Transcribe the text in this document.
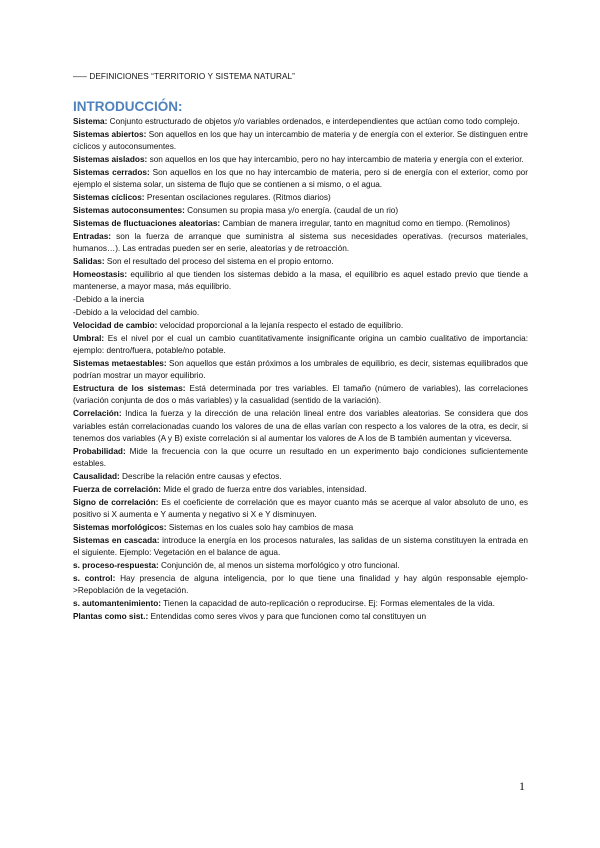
––– DEFINICIONES “TERRITORIO Y SISTEMA NATURAL”
INTRODUCCIÓN:

Sistema: Conjunto estructurado de objetos y/o variables ordenados, e interdependientes que actúan como todo complejo.

Sistemas abiertos: Son aquellos en los que hay un intercambio de materia y de energía con el exterior. Se distinguen entre cíclicos y autoconsumentes.

Sistemas aislados: son aquellos en los que hay intercambio, pero no hay intercambio de materia y energía con el exterior.

Sistemas cerrados: Son aquellos en los que no hay intercambio de materia, pero si de energía con el exterior, como por ejemplo el sistema solar, un sistema de flujo que se contienen a si mismo, o el agua.

Sistemas cíclicos: Presentan oscilaciones regulares. (Ritmos diarios)

Sistemas autoconsumentes: Consumen su propia masa y/o energía. (caudal de un rio)

Sistemas de fluctuaciones aleatorias: Cambian de manera irregular, tanto en magnitud como en tiempo. (Remolinos)

Entradas: son la fuerza de arranque que suministra al sistema sus necesidades operativas. (recursos materiales, humanos…). Las entradas pueden ser en serie, aleatorias y de retroacción.

Salidas: Son el resultado del proceso del sistema en el propio entorno.

Homeostasis: equilibrio al que tienden los sistemas debido a la masa, el equilibrio es aquel estado previo que tiende a mantenerse, a mayor masa, más equilibrio.

-Debido a la inercia

-Debido a la velocidad del cambio.

Velocidad de cambio: velocidad proporcional a la lejanía respecto el estado de equilibrio.

Umbral: Es el nivel por el cual un cambio cuantitativamente insignificante origina un cambio cualitativo de importancia: ejemplo: dentro/fuera, potable/no potable.

Sistemas metaestables: Son aquellos que están próximos a los umbrales de equilibrio, es decir, sistemas equilibrados que podrían mostrar un mayor equilibrio.

Estructura de los sistemas: Está determinada por tres variables. El tamaño (número de variables), las correlaciones (variación conjunta de dos o más variables) y la casualidad (sentido de la variación).

Correlación: Indica la fuerza y la dirección de una relación lineal entre dos variables aleatorias. Se considera que dos variables están correlacionadas cuando los valores de una de ellas varían con respecto a los valores de la otra, es decir, si tenemos dos variables (A y B) existe correlación si al aumentar los valores de A los de B también aumentan y viceversa.

Probabilidad: Mide la frecuencia con la que ocurre un resultado en un experimento bajo condiciones suficientemente estables.

Causalidad: Describe la relación entre causas y efectos.

Fuerza de correlación: Mide el grado de fuerza entre dos variables, intensidad.

Signo de correlación: Es el coeficiente de correlación que es mayor cuanto más se acerque al valor absoluto de uno, es positivo si X aumenta e Y aumenta y negativo si X e Y disminuyen.

Sistemas morfológicos: Sistemas en los cuales solo hay cambios de masa

Sistemas en cascada: introduce la energía en los procesos naturales, las salidas de un sistema constituyen la entrada en el siguiente. Ejemplo: Vegetación en el balance de agua.

s. proceso-respuesta: Conjunción de, al menos un sistema morfológico y otro funcional.

s. control: Hay presencia de alguna inteligencia, por lo que tiene una finalidad y hay algún responsable ejemplo->Repoblación de la vegetación.

s. automantenimiento: Tienen la capacidad de auto-replicación o reproducirse. Ej: Formas elementales de la vida.

Plantas como sist.: Entendidas como seres vivos y para que funcionen como tal constituyen un

1
